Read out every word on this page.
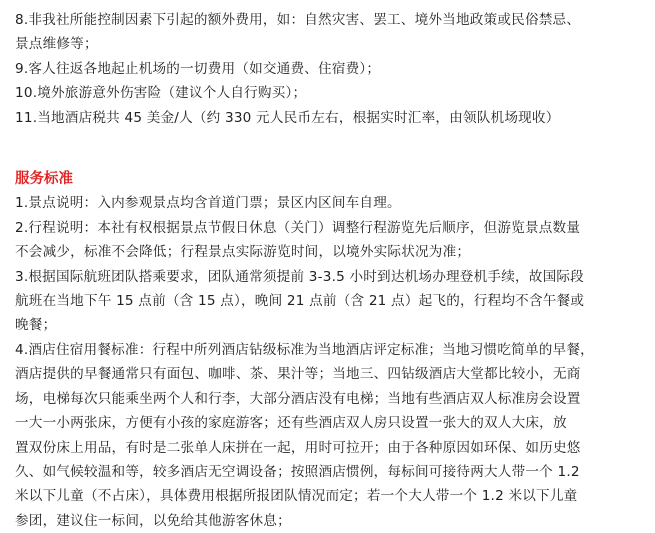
8.非我社所能控制因素下引起的额外费用，如：自然灾害、罢工、境外当地政策或民俗禁忌、
景点维修等；
9.客人往返各地起止机场的一切费用（如交通费、住宿费）；
10.境外旅游意外伤害险（建议个人自行购买）；
11.当地酒店税共 45 美金/人（约 330 元人民币左右，根据实时汇率，由领队机场现收）
服务标准
1.景点说明：入内参观景点均含首道门票；景区内区间车自理。
2.行程说明：本社有权根据景点节假日休息（关门）调整行程游览先后顺序，但游览景点数量
不会减少，标准不会降低；行程景点实际游览时间，以境外实际状况为准；
3.根据国际航班团队搭乘要求，团队通常须提前 3-3.5 小时到达机场办理登机手续，故国际段
航班在当地下午 15 点前（含 15 点），晚间 21 点前（含 21 点）起飞的，行程均不含午餐或
晚餐；
4.酒店住宿用餐标准：行程中所列酒店钻级标准为当地酒店评定标准；当地习惯吃简单的早餐，
酒店提供的早餐通常只有面包、咖啡、茶、果汁等；当地三、四钻级酒店大堂都比较小，无商
场，电梯每次只能乘坐两个人和行李，大部分酒店没有电梯；当地有些酒店双人标准房会设置
一大一小两张床，方便有小孩的家庭游客；还有些酒店双人房只设置一张大的双人大床，放
置双份床上用品，有时是二张单人床拼在一起，用时可拉开；由于各种原因如环保、如历史悠
久、如气候较温和等，较多酒店无空调设备；按照酒店惯例，每标间可接待两大人带一个 1.2
米以下儿童（不占床），具体费用根据所报团队情况而定；若一个大人带一个 1.2 米以下儿童
参团，建议住一标间，以免给其他游客休息；
